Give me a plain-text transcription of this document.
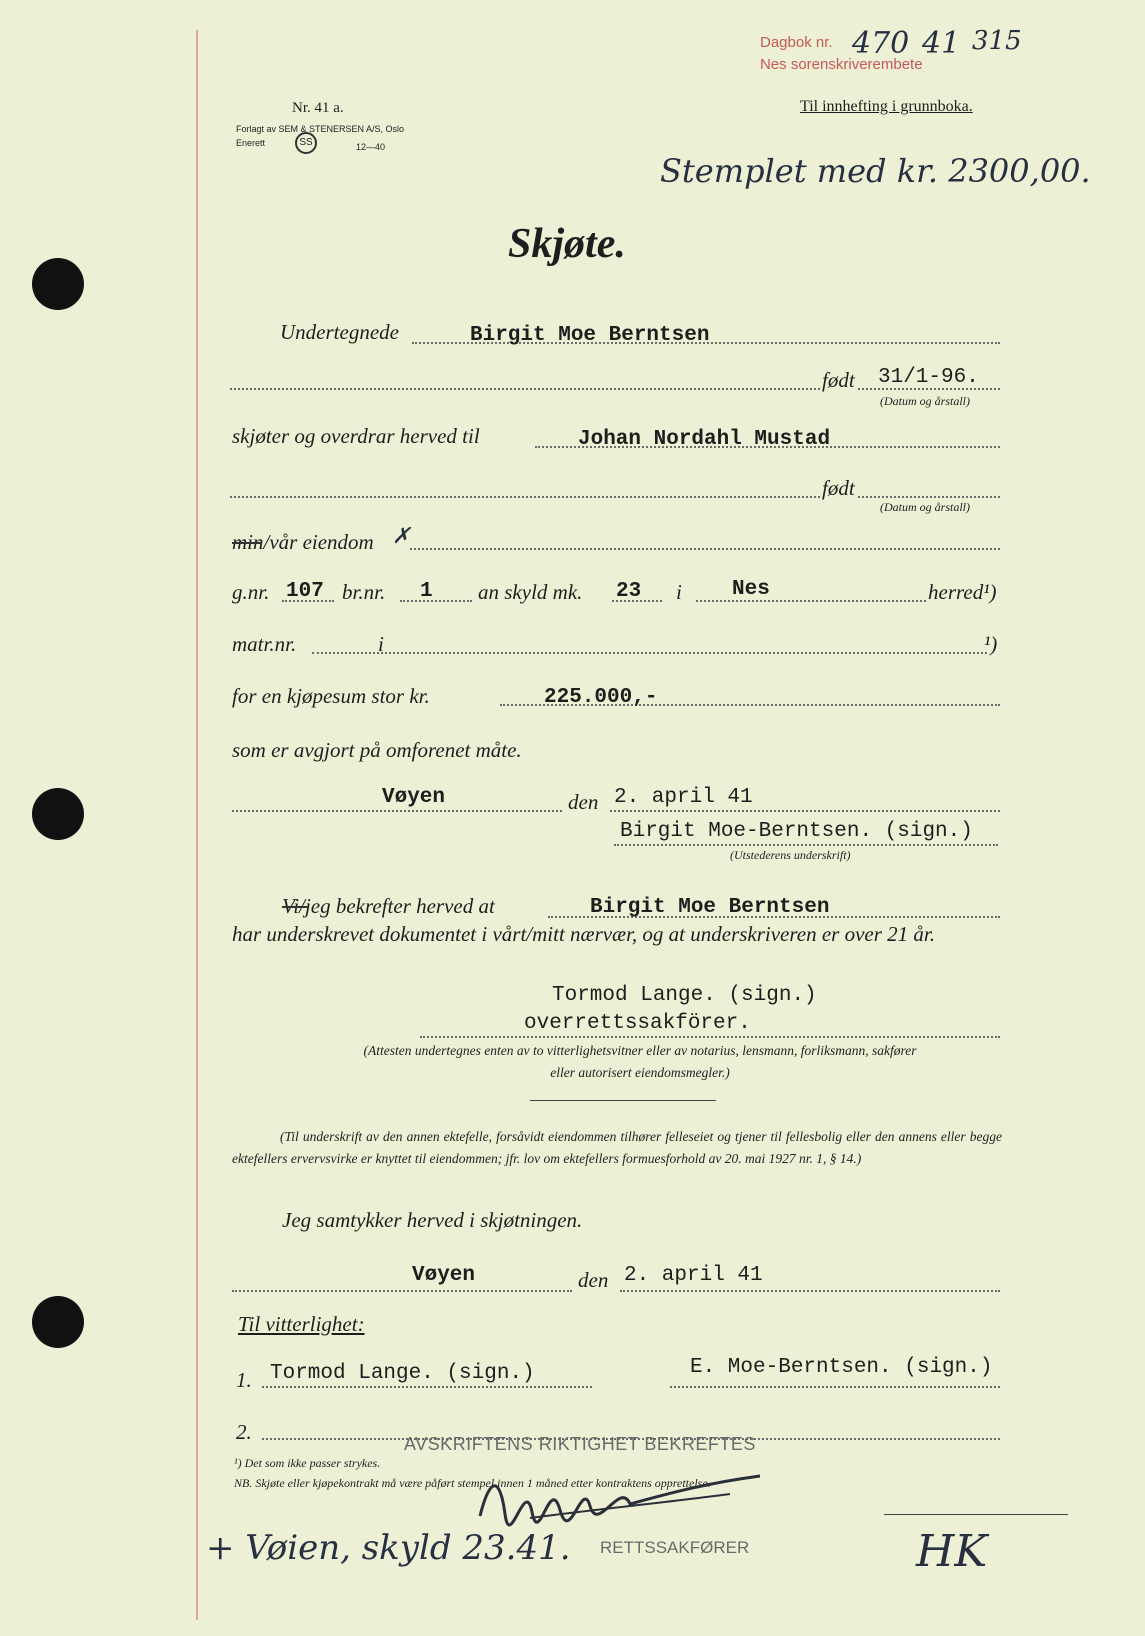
Dagbok nr.
Nes sorenskriverembete
470 41 315
Nr. 41 a.
Forlagt av SEM & STENERSEN A/S, Oslo
Enerett	SS	12—40
Til innhefting i grunnboka.
Stemplet med kr. 2300,00.
Skjøte.
Undertegnede	Birgit Moe Berntsen
født 31/1-96.
(Datum og årstall)
skjøter og overdrar herved til	Johan Nordahl Mustad
født
(Datum og årstall)
min/vår eiendom ✗
g.nr. 107 br.nr. 1 an skyld mk. 23 i Nes	herred¹)
matr.nr.	i	¹)
for en kjøpesum stor kr.	225.000,-
som er avgjort på omforenet måte.
Vøyen	den 2. april 41
Birgit Moe-Berntsen. (sign.)
(Utstederens underskrift)
Vi/jeg bekrefter herved at	Birgit Moe Berntsen
har underskrevet dokumentet i vårt/mitt nærvær, og at underskriveren er over 21 år.
Tormod Lange. (sign.)
overrettssakförer.
(Attesten undertegnes enten av to vitterlighetsvitner eller av notarius, lensmann, forliksmann, sakfører eller autorisert eiendomsmegler.)
(Til underskrift av den annen ektefelle, forsåvidt eiendommen tilhører felleseiet og tjener til fellesbolig eller den annens eller begge ektefellers ervervsvirke er knyttet til eiendommen; jfr. lov om ektefellers formuesforhold av 20. mai 1927 nr. 1, § 14.)
Jeg samtykker herved i skjøtningen.
Vøyen	den 2. april 41
Til vitterlighet:
1. Tormod Lange. (sign.)	E. Moe-Berntsen. (sign.)
2.	AVSKRIFTENS RIKTIGHET BEKREFTES
¹) Det som ikke passer strykes.
NB. Skjøte eller kjøpekontrakt må være påført stempel innen 1 måned etter kontraktens opprettelse.
+ Vøien, skyld 23.41. RETTSSAKFØRER	HK
